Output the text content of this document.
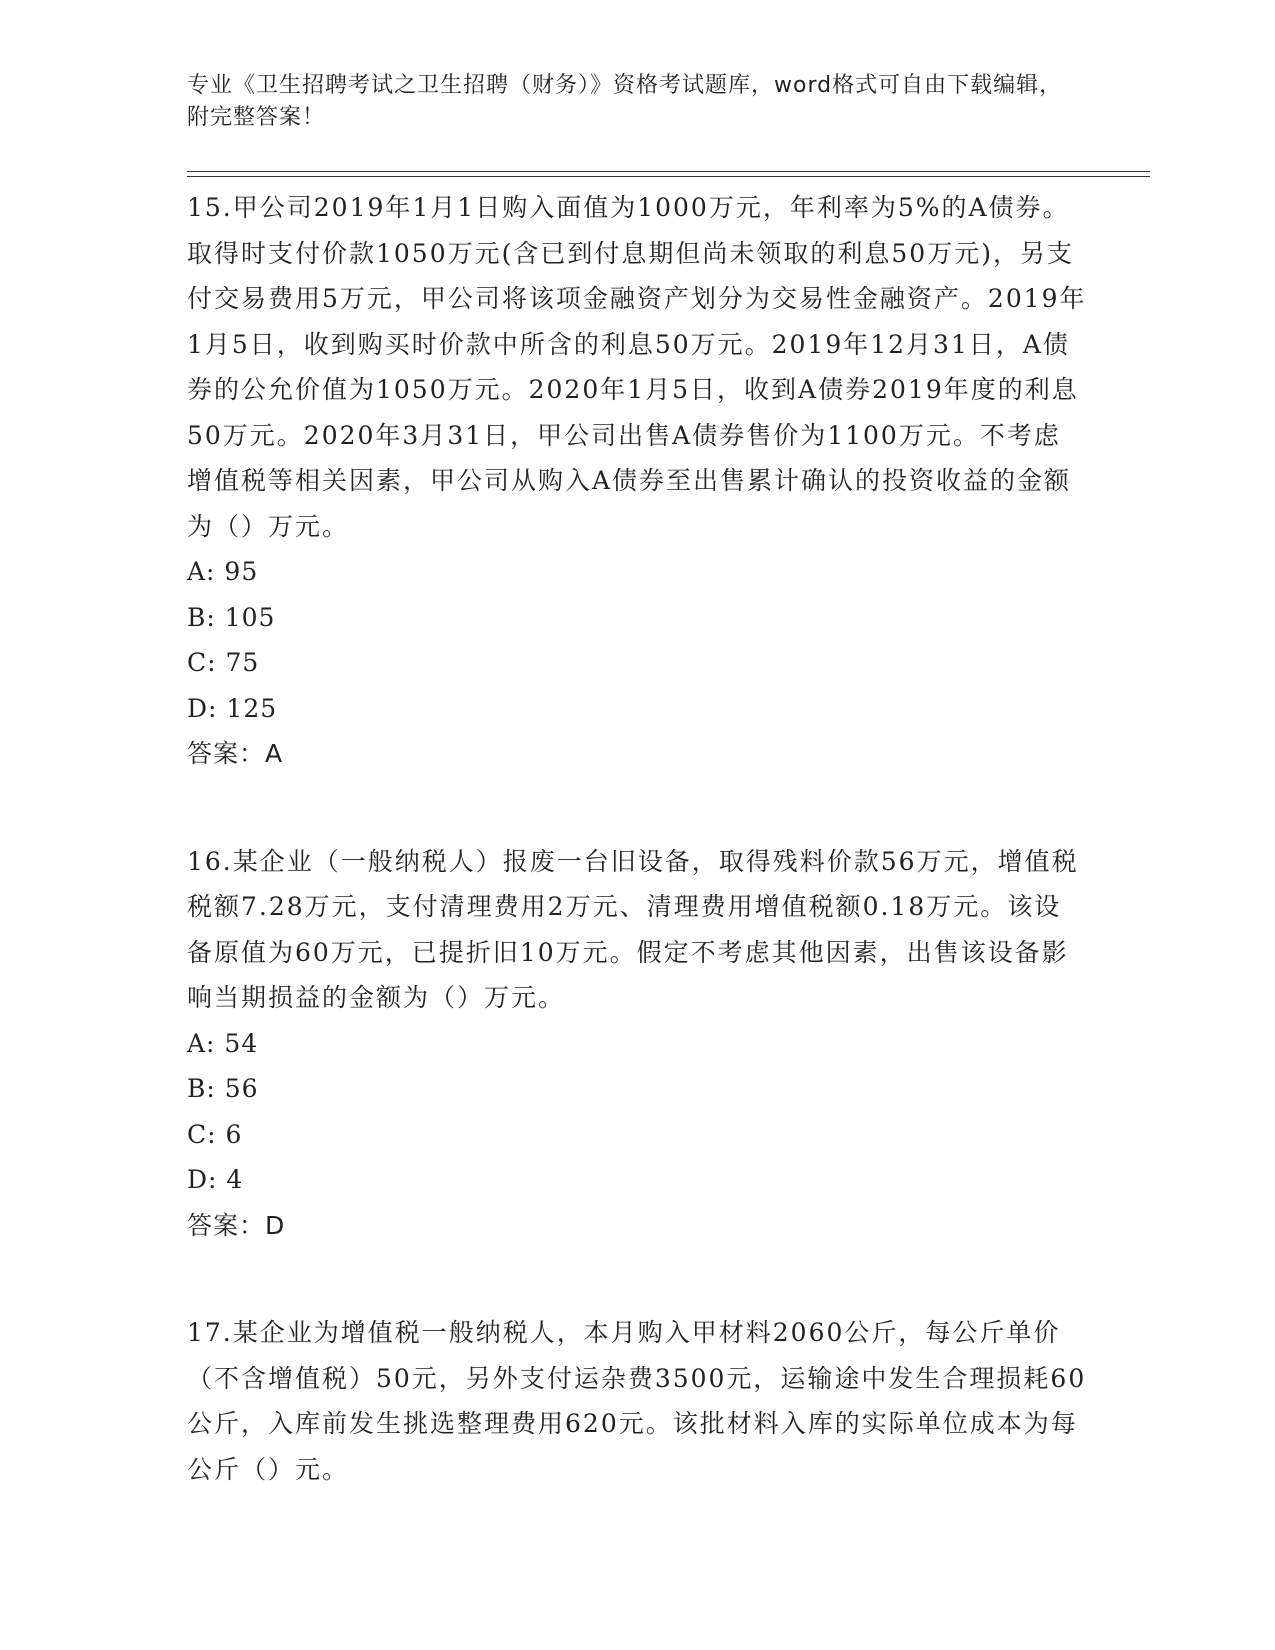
专业《卫生招聘考试之卫生招聘（财务）》资格考试题库，word格式可自由下载编辑，附完整答案！

15.甲公司2019年1月1日购入面值为1000万元，年利率为5%的A债券。取得时支付价款1050万元(含已到付息期但尚未领取的利息50万元)，另支付交易费用5万元，甲公司将该项金融资产划分为交易性金融资产。2019年1月5日，收到购买时价款中所含的利息50万元。2019年12月31日，A债券的公允价值为1050万元。2020年1月5日，收到A债券2019年度的利息50万元。2020年3月31日，甲公司出售A债券售价为1100万元。不考虑增值税等相关因素，甲公司从购入A债券至出售累计确认的投资收益的金额为（）万元。

A: 95
B: 105
C: 75
D: 125
答案：A

16.某企业（一般纳税人）报废一台旧设备，取得残料价款56万元，增值税税额7.28万元，支付清理费用2万元、清理费用增值税额0.18万元。该设备原值为60万元，已提折旧10万元。假定不考虑其他因素，出售该设备影响当期损益的金额为（）万元。

A: 54
B: 56
C: 6
D: 4
答案：D

17.某企业为增值税一般纳税人，本月购入甲材料2060公斤，每公斤单价（不含增值税）50元，另外支付运杂费3500元，运输途中发生合理损耗60公斤，入库前发生挑选整理费用620元。该批材料入库的实际单位成本为每公斤（）元。
